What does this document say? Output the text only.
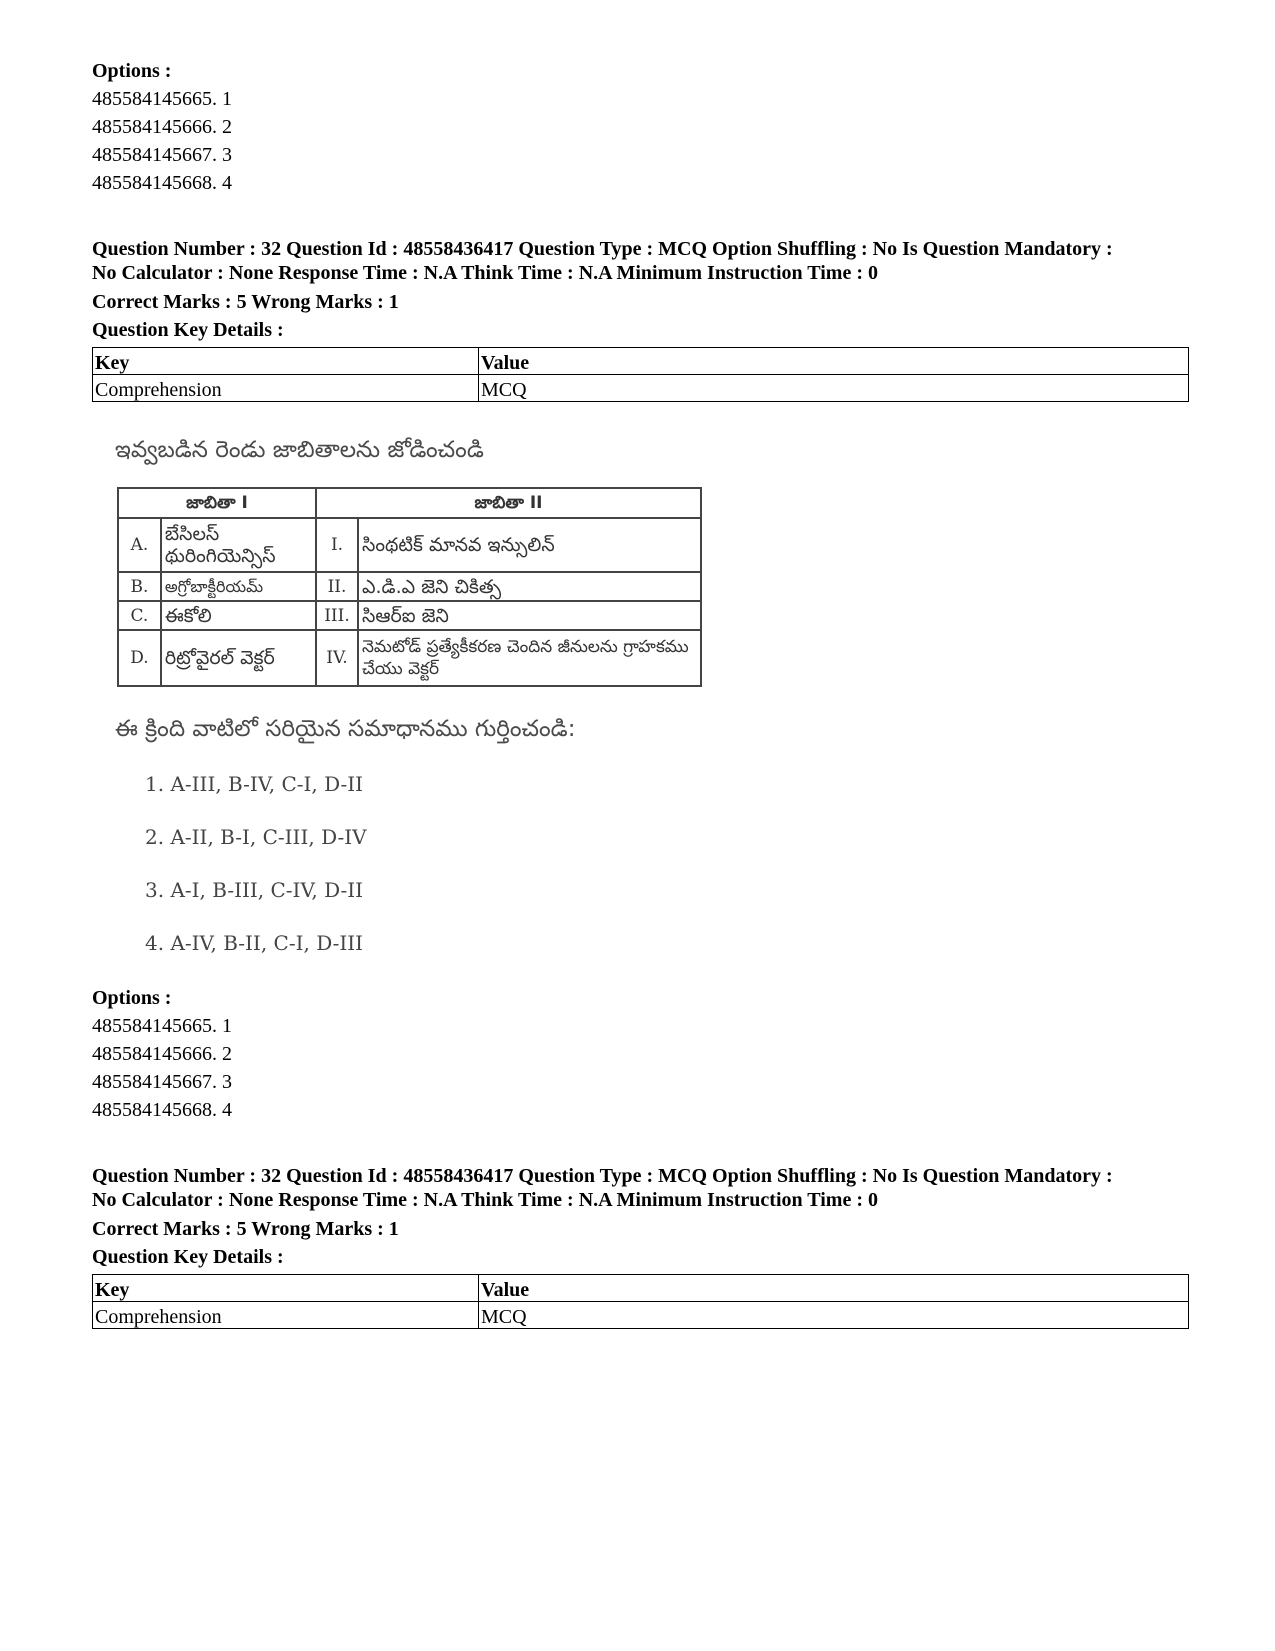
Options :
485584145665. 1
485584145666. 2
485584145667. 3
485584145668. 4
Question Number : 32 Question Id : 48558436417 Question Type : MCQ Option Shuffling : No Is Question Mandatory :
No Calculator : None Response Time : N.A Think Time : N.A Minimum Instruction Time : 0
Correct Marks : 5 Wrong Marks : 1
Question Key Details :
Key	Value
Comprehension	MCQ
ఇవ్వబడిన రెండు జాబితాలను జోడించండి
జాబితా I		జాబితా II	
A.	బేసిలస్ థురింగియెన్సిస్	I.	సింథటిక్ మానవ ఇన్సులిన్
B.	అగ్రోబాక్టీరియమ్	II.	ఎ.డి.ఎ జెని చికిత్స
C.	ఈకోలి	III.	సిఆర్ఐ జెని
D.	రిట్రోవైరల్ వెక్టర్	IV.	నెమటోడ్ ప్రత్యేకీకరణ చెందిన జీనులను గ్రాహకము చేయు వెక్టర్
ఈ క్రింది వాటిలో సరియైన సమాధానము గుర్తించండి:
1. A-III, B-IV, C-I, D-II
2. A-II, B-I, C-III, D-IV
3. A-I, B-III, C-IV, D-II
4. A-IV, B-II, C-I, D-III
Options :
485584145665. 1
485584145666. 2
485584145667. 3
485584145668. 4
Question Number : 32 Question Id : 48558436417 Question Type : MCQ Option Shuffling : No Is Question Mandatory :
No Calculator : None Response Time : N.A Think Time : N.A Minimum Instruction Time : 0
Correct Marks : 5 Wrong Marks : 1
Question Key Details :
Key	Value
Comprehension	MCQ
